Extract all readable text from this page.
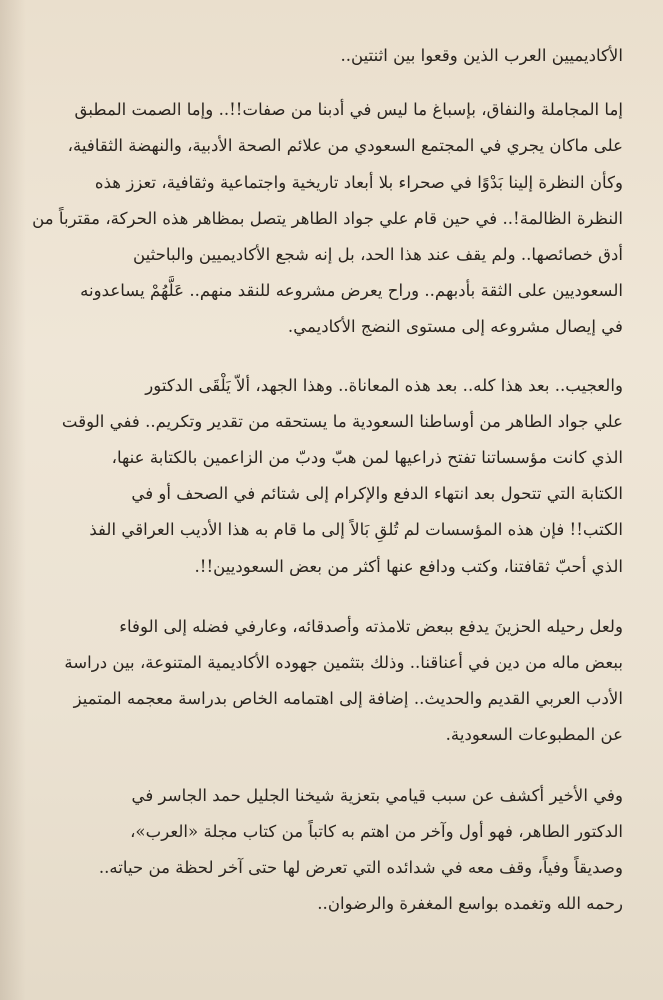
الأكاديميين العرب الذين وقعوا بين اثنتين..

إما المجاملة والنفاق، بإسباغ ما ليس في أدبنا من صفات!!.. وإما الصمت المطبق
على ماكان يجري في المجتمع السعودي من علائم الصحة الأدبية، والنهضة الثقافية،
وكأن النظرة إلينا بَدْوًا في صحراء بلا أبعاد تاريخية واجتماعية وثقافية، تعزز هذه
النظرة الظالمة!.. في حين قام علي جواد الطاهر يتصل بمظاهر هذه الحركة، مقترباً من
أدق خصائصها.. ولم يقف عند هذا الحد، بل إنه شجع الأكاديميين والباحثين
السعوديين على الثقة بأدبهم.. وراح يعرض مشروعه للنقد منهم.. عَلَّهُمْ يساعدونه
في إيصال مشروعه إلى مستوى النضج الأكاديمي.

والعجيب.. بعد هذا كله.. بعد هذه المعاناة.. وهذا الجهد، ألاّ يَلْقَى الدكتور
علي جواد الطاهر من أوساطنا السعودية ما يستحقه من تقدير وتكريم.. ففي الوقت
الذي كانت مؤسساتنا تفتح ذراعيها لمن هبّ ودبّ من الزاعمين بالكتابة عنها،
الكتابة التي تتحول بعد انتهاء الدفع والإكرام إلى شتائم في الصحف أو في
الكتب!! فإن هذه المؤسسات لم تُلقِ بَالاً إلى ما قام به هذا الأديب العراقي الفذ
الذي أحبّ ثقافتنا، وكتب ودافع عنها أكثر من بعض السعوديين!!.

ولعل رحيله الحزينَ يدفع ببعض تلامذته وأصدقائه، وعارفي فضله إلى الوفاء
ببعض ماله من دين في أعناقنا.. وذلك بتثمين جهوده الأكاديمية المتنوعة، بين دراسة
الأدب العربي القديم والحديث.. إضافة إلى اهتمامه الخاص بدراسة معجمه المتميز
عن المطبوعات السعودية.

وفي الأخير أكشف عن سبب قيامي بتعزية شيخنا الجليل حمد الجاسر في
الدكتور الطاهر، فهو أول وآخر من اهتم به كاتباً من كتاب مجلة «العرب»،
وصديقاً وفياً، وقف معه في شدائده التي تعرض لها حتى آخر لحظة من حياته..
رحمه الله وتغمده بواسع المغفرة والرضوان..
